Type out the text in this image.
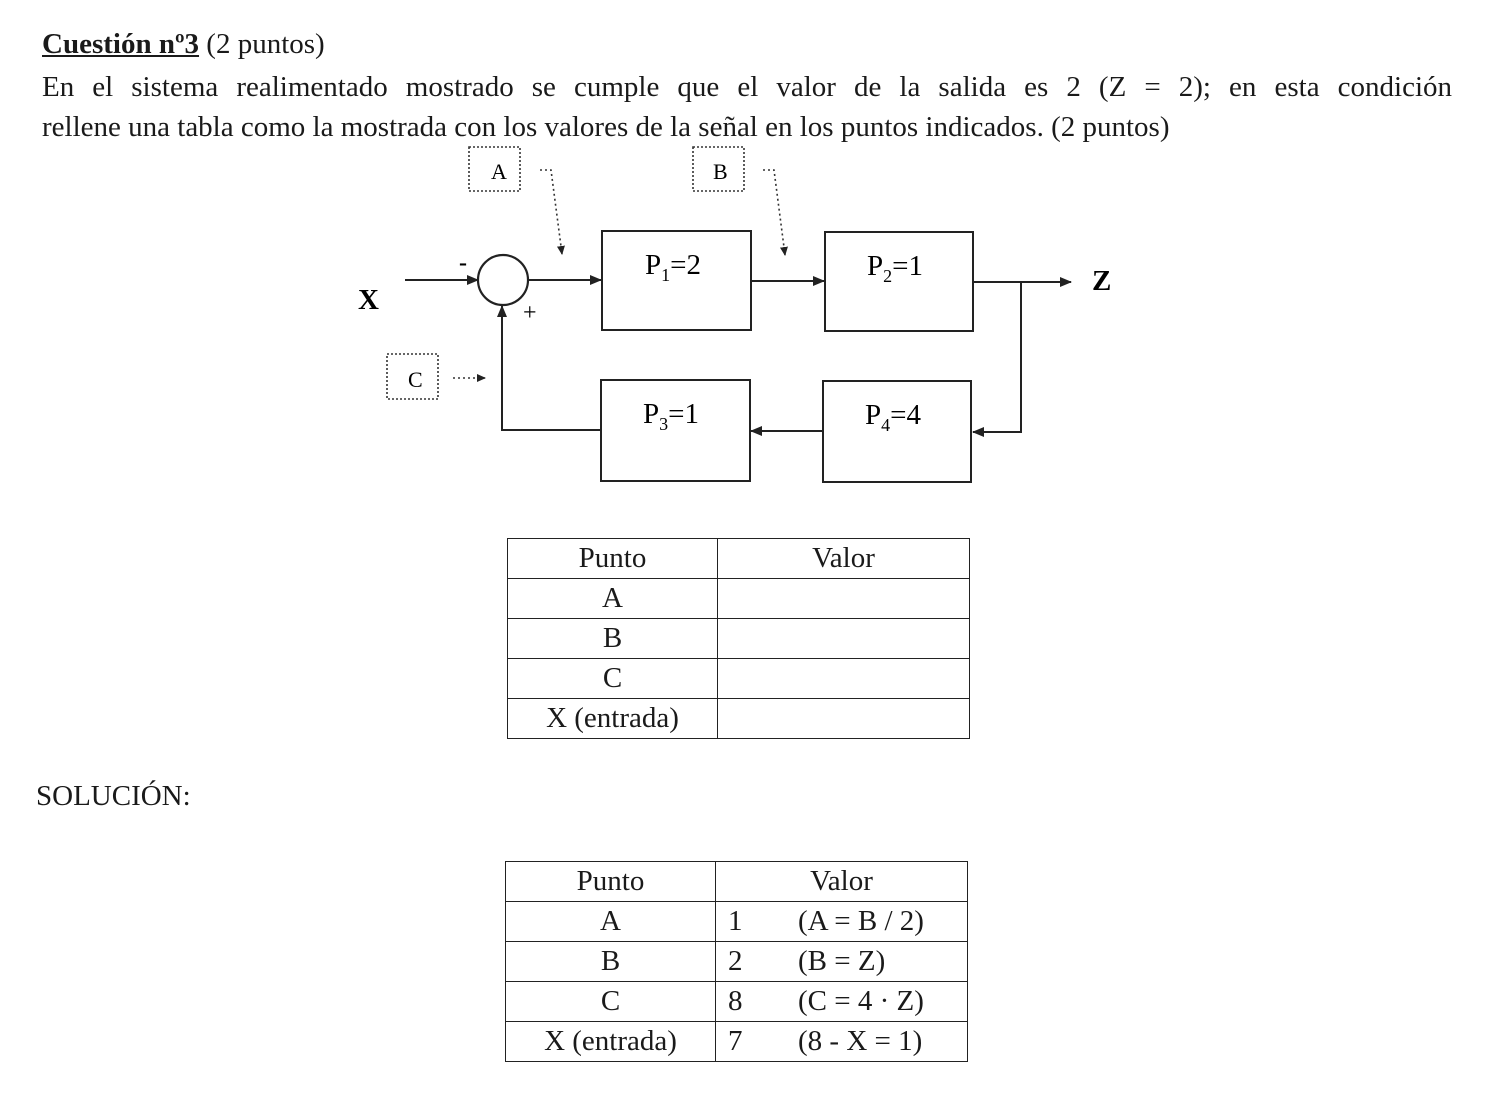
Cuestión nº3 (2 puntos)

En el sistema realimentado mostrado se cumple que el valor de la salida es 2 (Z = 2); en esta condición

rellene una tabla como la mostrada con los valores de la señal en los puntos indicados. (2 puntos)

$P_1=2$	$P_2=1$
$P_3=1$	$P_4=4$
X
Z
-
+
A	B
C
Punto	Valor
A	
B	
C	
X (entrada)	
SOLUCIÓN:
Punto	Valor
A	1 (A = B / 2)
B	2 (B = Z)
C	8 (C = 4 · Z)
X (entrada)	7 (8 - X = 1)
